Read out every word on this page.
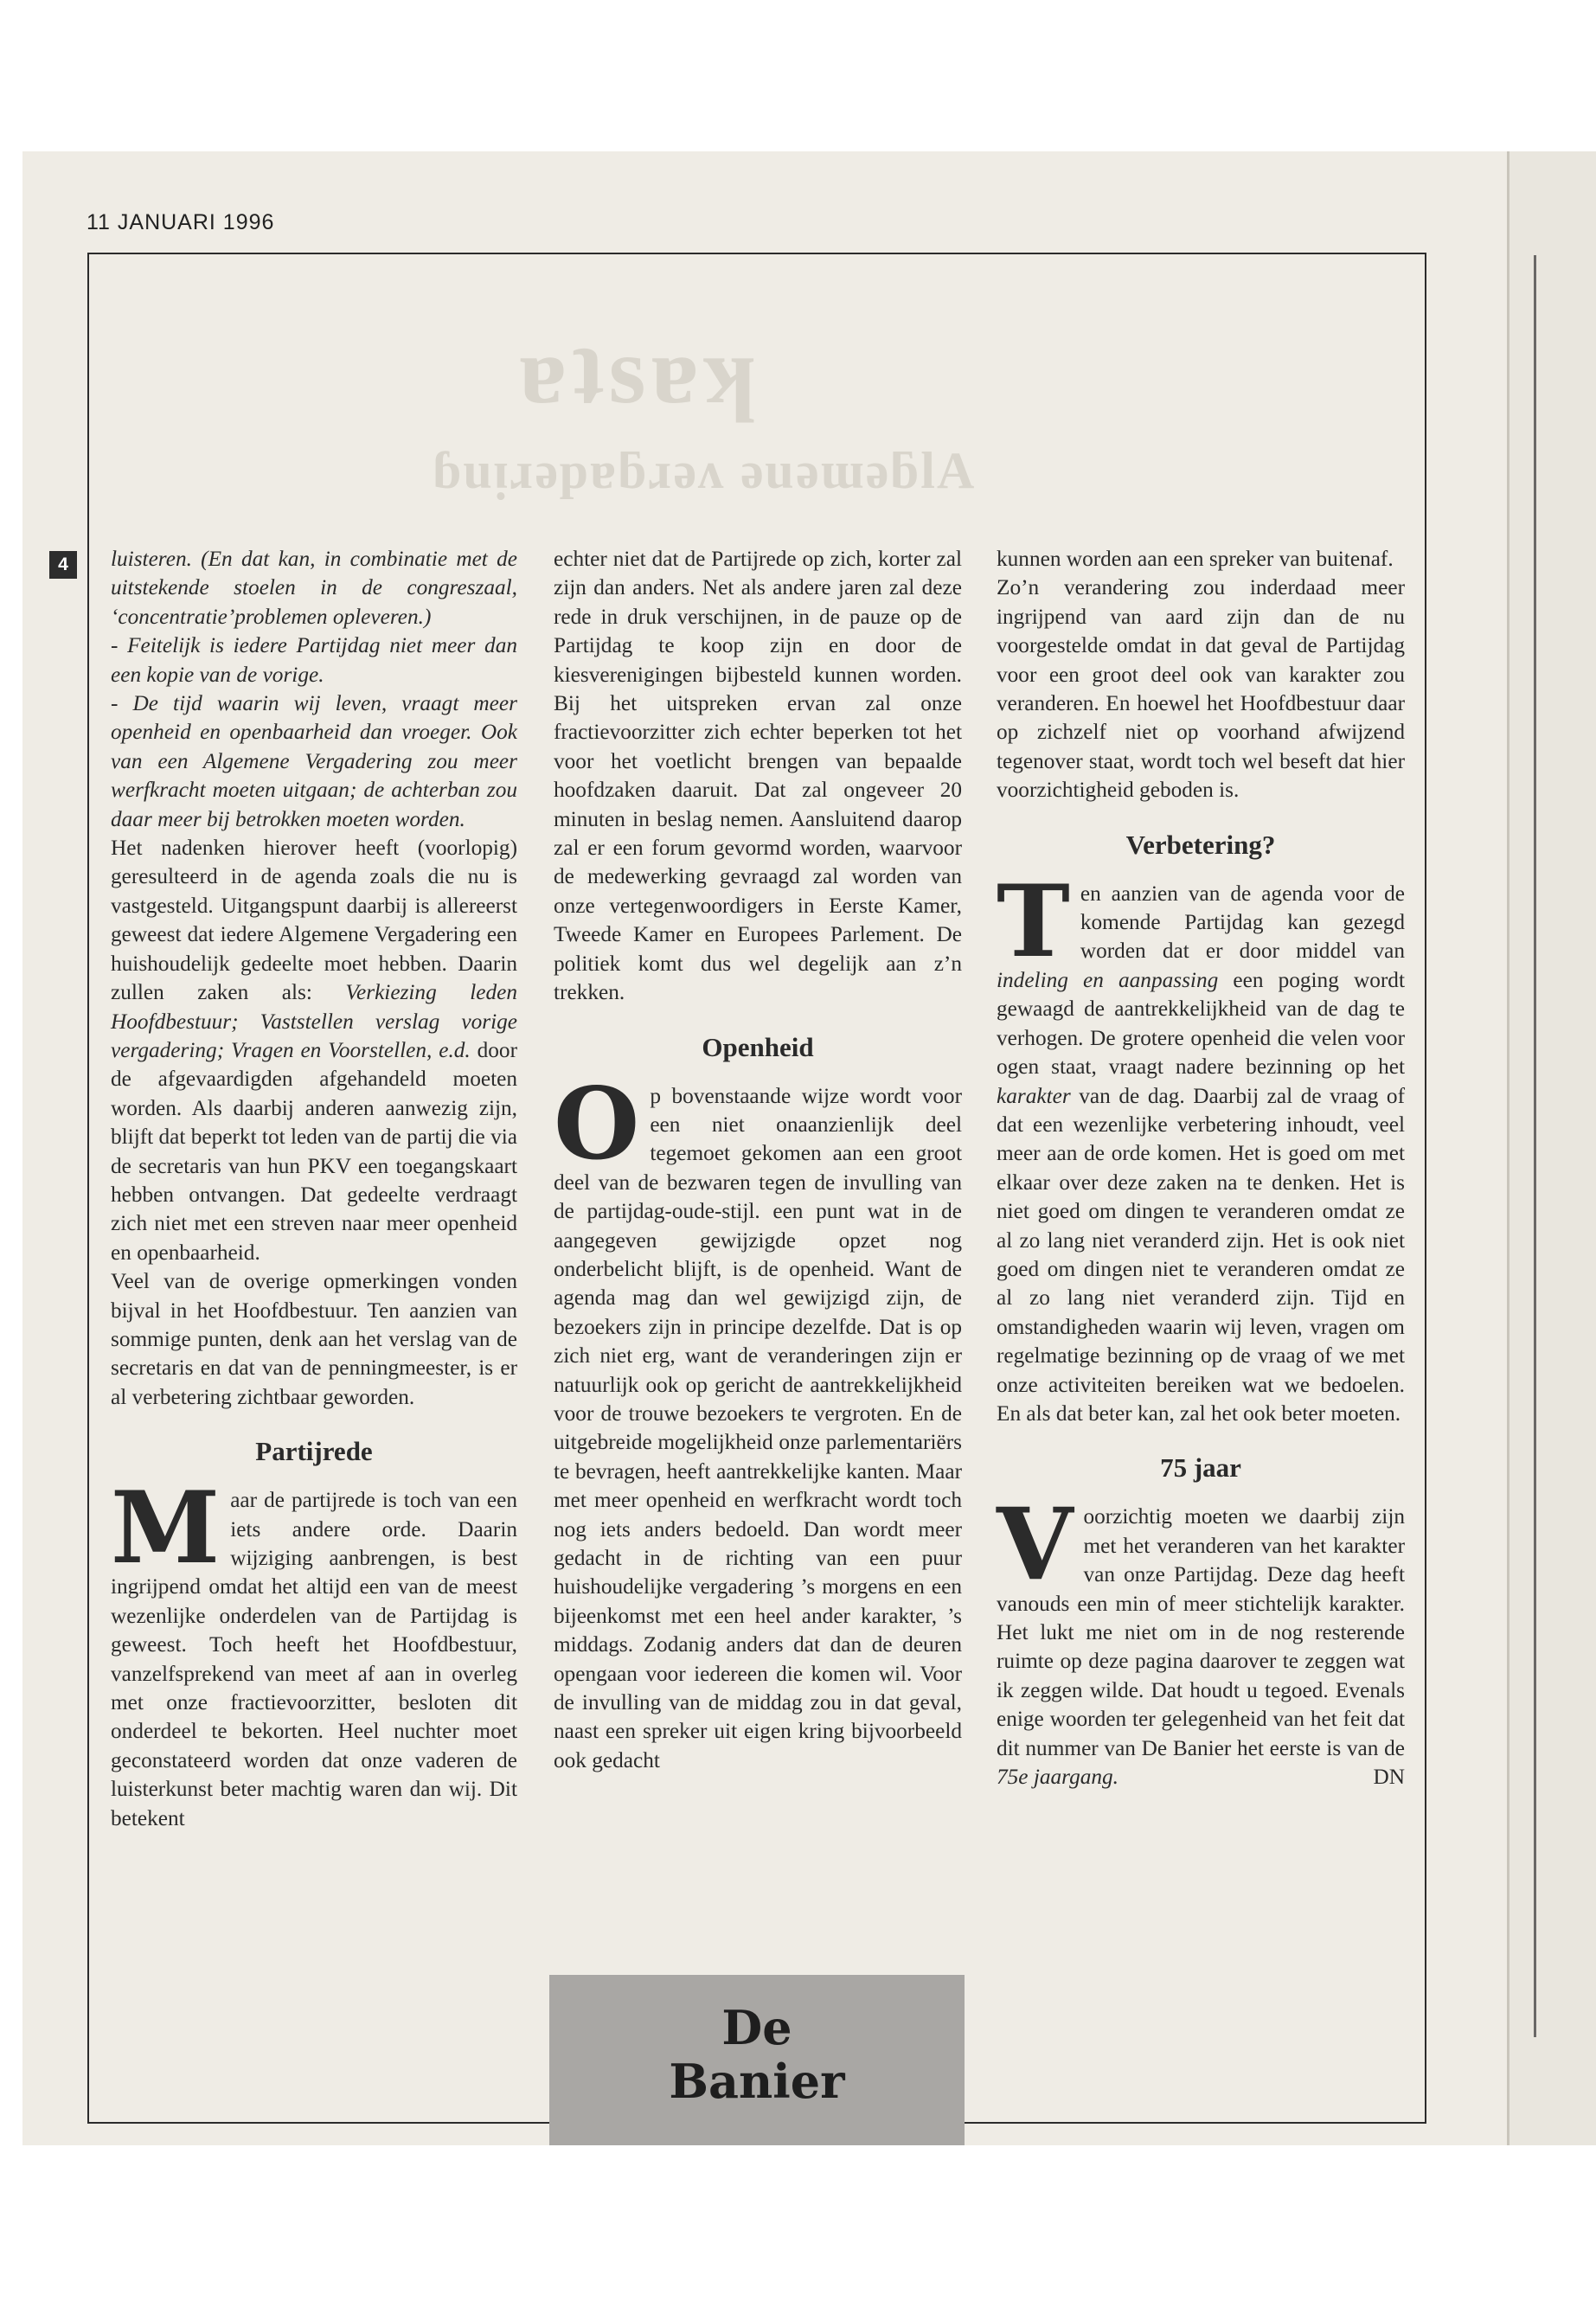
ɐʇsɐʞ
ɓuᴉɹǝpɐƃɹǝʌ ǝuǝɯǝƃlA
11 JANUARI 1996
4	luisteren. (En dat kan, in combinatie met de uitstekende stoelen in de congreszaal, ‘concentratie’problemen opleveren.)

- Feitelijk is iedere Partijdag niet meer dan een kopie van de vorige.

- De tijd waarin wij leven, vraagt meer openheid en openbaarheid dan vroeger. Ook van een Algemene Vergadering zou meer werfkracht moeten uitgaan; de achterban zou daar meer bij betrokken moeten worden.

Het nadenken hierover heeft (voorlopig) geresulteerd in de agenda zoals die nu is vastgesteld. Uitgangspunt daarbij is allereerst geweest dat iedere Algemene Vergadering een huishoudelijk gedeelte moet hebben. Daarin zullen zaken als: Verkiezing leden Hoofdbestuur; Vaststellen verslag vorige vergadering; Vragen en Voorstellen, e.d. door de afgevaardigden afgehandeld moeten worden. Als daarbij anderen aanwezig zijn, blijft dat beperkt tot leden van de partij die via de secretaris van hun PKV een toegangskaart hebben ontvangen. Dat gedeelte verdraagt zich niet met een streven naar meer openheid en openbaarheid.

Veel van de overige opmerkingen vonden bijval in het Hoofdbestuur. Ten aanzien van sommige punten, denk aan het verslag van de secretaris en dat van de penningmeester, is er al verbetering zichtbaar geworden.

Partijrede

Maar de partijrede is toch van een iets andere orde. Daarin wijziging aanbrengen, is best ingrijpend omdat het altijd een van de meest wezenlijke onderdelen van de Partijdag is geweest. Toch heeft het Hoofdbestuur, vanzelfsprekend van meet af aan in overleg met onze fractievoorzitter, besloten dit onderdeel te bekorten. Heel nuchter moet geconstateerd worden dat onze vaderen de luisterkunst beter machtig waren dan wij. Dit betekent

echter niet dat de Partijrede op zich, korter zal zijn dan anders. Net als andere jaren zal deze rede in druk verschijnen, in de pauze op de Partijdag te koop zijn en door de kiesverenigingen bijbesteld kunnen worden. Bij het uitspreken ervan zal onze fractievoorzitter zich echter beperken tot het voor het voetlicht brengen van bepaalde hoofdzaken daaruit. Dat zal ongeveer 20 minuten in beslag nemen. Aansluitend daarop zal er een forum gevormd worden, waarvoor de medewerking gevraagd zal worden van onze vertegenwoordigers in Eerste Kamer, Tweede Kamer en Europees Parlement. De politiek komt dus wel degelijk aan z’n trekken.

Openheid

Op bovenstaande wijze wordt voor een niet onaanzienlijk deel tegemoet gekomen aan een groot deel van de bezwaren tegen de invulling van de partijdag-oude-stijl. een punt wat in de aangegeven gewijzigde opzet nog onderbelicht blijft, is de openheid. Want de agenda mag dan wel gewijzigd zijn, de bezoekers zijn in principe dezelfde. Dat is op zich niet erg, want de veranderingen zijn er natuurlijk ook op gericht de aantrekkelijkheid voor de trouwe bezoekers te vergroten. En de uitgebreide mogelijkheid onze parlementariërs te bevragen, heeft aantrekkelijke kanten. Maar met meer openheid en werfkracht wordt toch nog iets anders bedoeld. Dan wordt meer gedacht in de richting van een puur huishoudelijke vergadering ’s morgens en een bijeenkomst met een heel ander karakter, ’s middags. Zodanig anders dat dan de deuren opengaan voor iedereen die komen wil. Voor de invulling van de middag zou in dat geval, naast een spreker uit eigen kring bijvoorbeeld ook gedacht

kunnen worden aan een spreker van buitenaf.

Zo’n verandering zou inderdaad meer ingrijpend van aard zijn dan de nu voorgestelde omdat in dat geval de Partijdag voor een groot deel ook van karakter zou veranderen. En hoewel het Hoofdbestuur daar op zichzelf niet op voorhand afwijzend tegenover staat, wordt toch wel beseft dat hier voorzichtigheid geboden is.

Verbetering?

Ten aanzien van de agenda voor de komende Partijdag kan gezegd worden dat er door middel van indeling en aanpassing een poging wordt gewaagd de aantrekkelijkheid van de dag te verhogen. De grotere openheid die velen voor ogen staat, vraagt nadere bezinning op het karakter van de dag. Daarbij zal de vraag of dat een wezenlijke verbetering inhoudt, veel meer aan de orde komen. Het is goed om met elkaar over deze zaken na te denken. Het is niet goed om dingen te veranderen omdat ze al zo lang niet veranderd zijn. Het is ook niet goed om dingen niet te veranderen omdat ze al zo lang niet veranderd zijn. Tijd en omstandigheden waarin wij leven, vragen om regelmatige bezinning op de vraag of we met onze activiteiten bereiken wat we bedoelen. En als dat beter kan, zal het ook beter moeten.

75 jaar

Voorzichtig moeten we daarbij zijn met het veranderen van het karakter van onze Partijdag. Deze dag heeft vanouds een min of meer stichtelijk karakter. Het lukt me niet om in de nog resterende ruimte op deze pagina daarover te zeggen wat ik zeggen wilde. Dat houdt u tegoed. Evenals enige woorden ter gelegenheid van het feit dat dit nummer van De Banier het eerste is van de 75e jaargang.	DN

De
Banier
